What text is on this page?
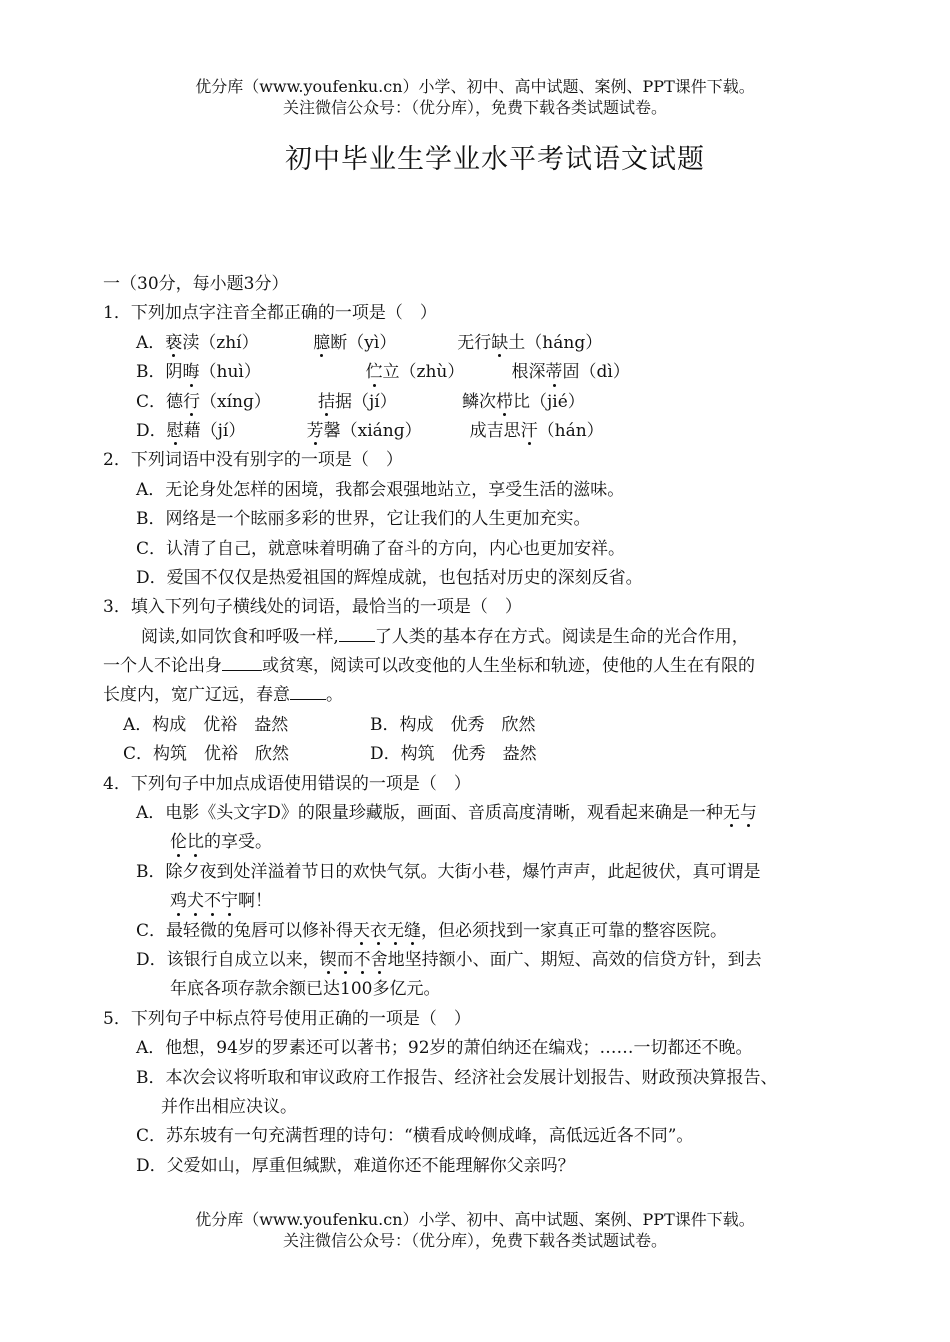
优分库（www.youfenku.cn）小学、初中、高中试题、案例、PPT课件下载。
关注微信公众号：（优分库），免费下载各类试题试卷。
初中毕业生学业水平考试语文试题
一（30分，每小题3分）
1．下列加点字注音全都正确的一项是（　）
A．亵渎（zhí）	臆断（yì）	无行缺土（háng）
B．阴晦（huì）	伫立（zhù）	根深蒂固（dì）
C．德行（xínɡ）	拮据（jí）	鳞次栉比（jié）
D．慰藉（jí）	芳馨（xiánɡ）	成吉思汗（hán）
2．下列词语中没有别字的一项是（　）
A．无论身处怎样的困境，我都会艰强地站立，享受生活的滋味。
B．网络是一个眩丽多彩的世界，它让我们的人生更加充实。
C．认清了自己，就意味着明确了奋斗的方向，内心也更加安祥。
D．爱国不仅仅是热爱祖国的辉煌成就，也包括对历史的深刻反省。
3．填入下列句子横线处的词语，最恰当的一项是（　）
阅读,如同饮食和呼吸一样, 了人类的基本存在方式。阅读是生命的光合作用，
一个人不论出身 或贫寒，阅读可以改变他的人生坐标和轨迹，使他的人生在有限的
长度内，宽广辽远，春意 。
A．构成　优裕　盎然	B．构成　优秀　欣然
C．构筑　优裕　欣然	D．构筑　优秀　盎然
4．下列句子中加点成语使用错误的一项是（　）
A．电影《头文字D》的限量珍藏版，画面、音质高度清晰，观看起来确是一种无与
伦比的享受。
B．除夕夜到处洋溢着节日的欢快气氛。大街小巷，爆竹声声，此起彼伏，真可谓是
鸡犬不宁啊！
C．最轻微的兔唇可以修补得天衣无缝，但必须找到一家真正可靠的整容医院。
D．该银行自成立以来，锲而不舍地坚持额小、面广、期短、高效的信贷方针，到去
年底各项存款余额已达100多亿元。
5．下列句子中标点符号使用正确的一项是（　）
A．他想，94岁的罗素还可以著书；92岁的萧伯纳还在编戏；……一切都还不晚。
B．本次会议将听取和审议政府工作报告、经济社会发展计划报告、财政预决算报告、
并作出相应决议。
C．苏东坡有一句充满哲理的诗句：“横看成岭侧成峰，高低远近各不同”。
D．父爱如山，厚重但缄默，难道你还不能理解你父亲吗？
优分库（www.youfenku.cn）小学、初中、高中试题、案例、PPT课件下载。
关注微信公众号：（优分库），免费下载各类试题试卷。
